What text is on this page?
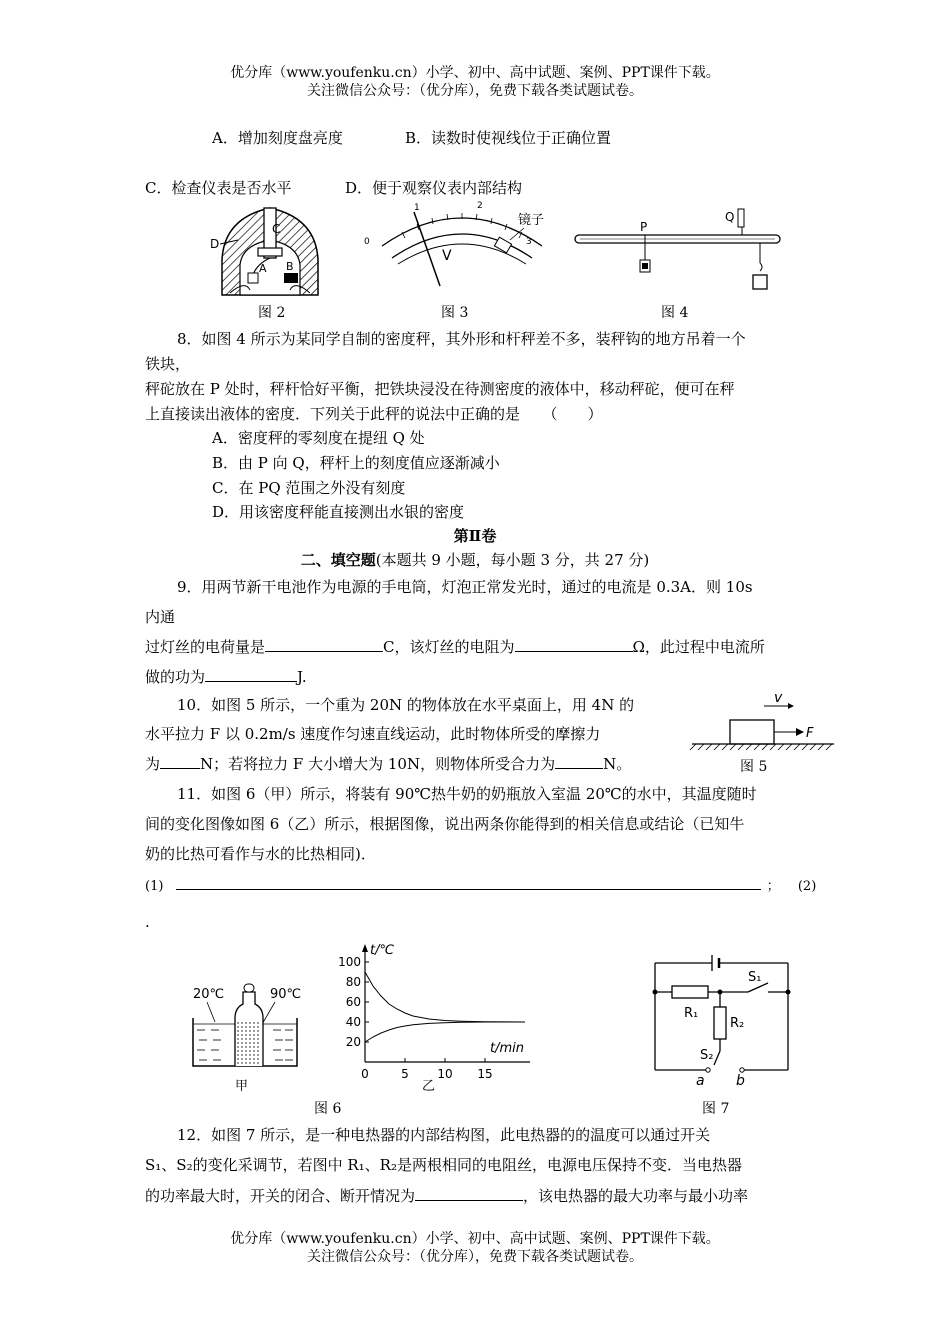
优分库（www.youfenku.cn）小学、初中、高中试题、案例、PPT课件下载。
关注微信公众号：（优分库），免费下载各类试题试卷。
A．增加刻度盘亮度	B．读数时使视线位于正确位置
C．检查仪表是否水平	D．便于观察仪表内部结构
C
D
A B
图 2
0
1	2
3
V
镜子
图 3
P
Q
图 4
8．如图 4 所示为某同学自制的密度秤，其外形和杆秤差不多，装秤钩的地方吊着一个
铁块，
秤砣放在 P 处时，秤杆恰好平衡，把铁块浸没在待测密度的液体中，移动秤砣，便可在秤
上直接读出液体的密度．下列关于此秤的说法中正确的是　　（　　）
A．密度秤的零刻度在提纽 Q 处
B．由 P 向 Q，秤杆上的刻度值应逐渐减小
C．在 PQ 范围之外没有刻度
D．用该密度秤能直接测出水银的密度
第Ⅱ卷
二、填空题(本题共 9 小题，每小题 3 分，共 27 分)
9．用两节新干电池作为电源的手电筒，灯泡正常发光时，通过的电流是 0.3A．则 10s
内通
过灯丝的电荷量是	C，该灯丝的电阻为	Ω，此过程中电流所
做的功为	J.
10．如图 5 所示，一个重为 20N 的物体放在水平桌面上，用 4N 的
水平拉力 F 以 0.2m/s 速度作匀速直线运动，此时物体所受的摩擦力
为	N；若将拉力 F 大小增大为 10N，则物体所受合力为	N。
v
F
图 5
11．如图 6（甲）所示，将装有 90℃热牛奶的奶瓶放入室温 20℃的水中，其温度随时
间的变化图像如图 6（乙）所示，根据图像，说出两条你能得到的相关信息或结论（已知牛
奶的比热可看作与水的比热相同)．
(1)	； (2)
.
20℃	90℃
甲
t/℃
t/min
20
40
60
80
100
0	5 10 15
乙
图 6
S₁
R₁
R₂
S₂
a b
图 7
12．如图 7 所示，是一种电热器的内部结构图，此电热器的的温度可以通过开关
S₁、S₂的变化采调节，若图中 R₁、R₂是两根相同的电阻丝，电源电压保持不变．当电热器
的功率最大时，开关的闭合、断开情况为	，该电热器的最大功率与最小功率
优分库（www.youfenku.cn）小学、初中、高中试题、案例、PPT课件下载。
关注微信公众号：（优分库），免费下载各类试题试卷。
